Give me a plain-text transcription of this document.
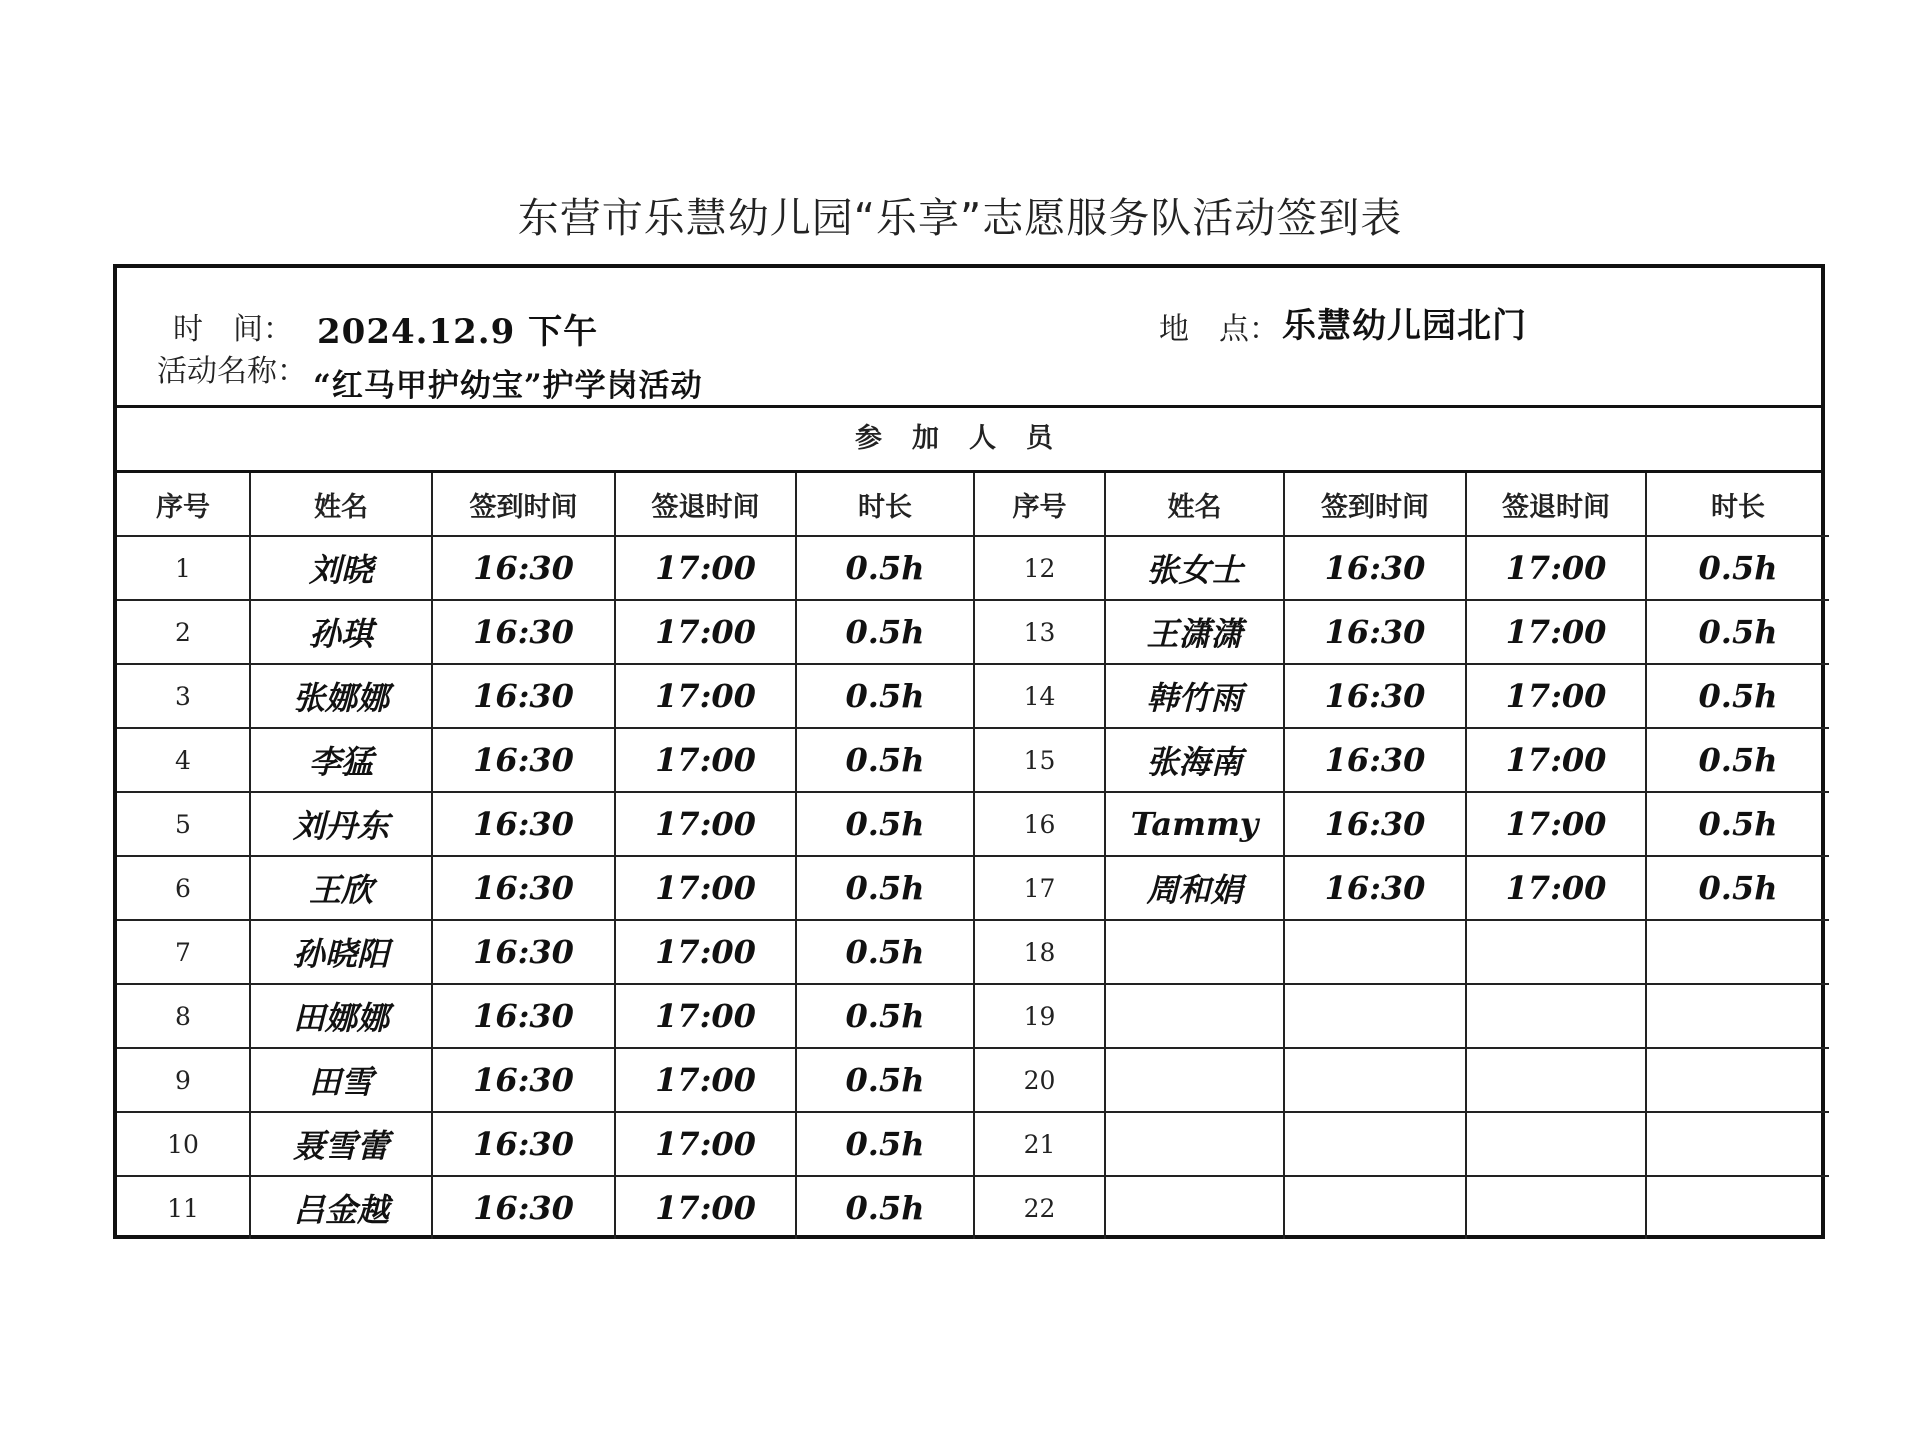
东营市乐慧幼儿园“乐享”志愿服务队活动签到表
时　间： 2024.12.9 下午	地　点： 乐慧幼儿园北门
活动名称： “红马甲护幼宝”护学岗活动
参加人员
序号	姓名	签到时间	签退时间	时长	序号	姓名	签到时间	签退时间	时长
1	刘晓	16:30	17:00	0.5h	12	张女士	16:30	17:00	0.5h
2	孙琪	16:30	17:00	0.5h	13	王潇潇	16:30	17:00	0.5h
3	张娜娜	16:30	17:00	0.5h	14	韩竹雨	16:30	17:00	0.5h
4	李猛	16:30	17:00	0.5h	15	张海南	16:30	17:00	0.5h
5	刘丹东	16:30	17:00	0.5h	16	Tammy	16:30	17:00	0.5h
6	王欣	16:30	17:00	0.5h	17	周和娟	16:30	17:00	0.5h
7	孙晓阳	16:30	17:00	0.5h	18				
8	田娜娜	16:30	17:00	0.5h	19				
9	田雪	16:30	17:00	0.5h	20				
10	聂雪蕾	16:30	17:00	0.5h	21				
11	吕金越	16:30	17:00	0.5h	22				
